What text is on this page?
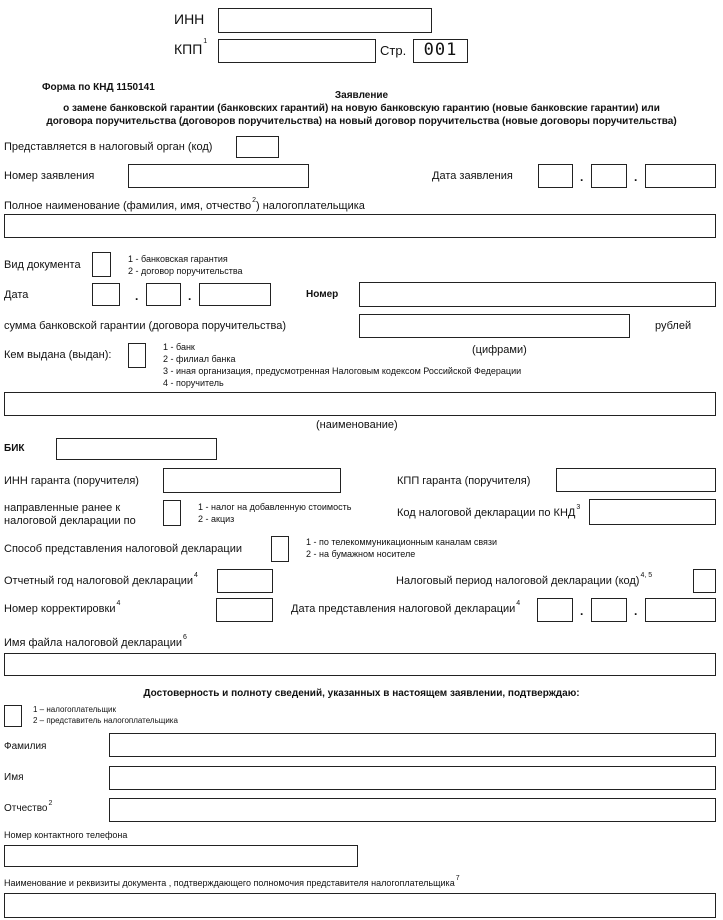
ИНН
КПП$^1$
Стр.	001
Форма по КНД 1150141
Заявление
о замене банковской гарантии (банковских гарантий) на новую банковскую гарантию (новые банковские гарантии) или
договора поручительства (договоров поручительства) на новый договор поручительства (новые договоры поручительства)
Представляется в налоговый орган (код)
Номер заявления	Дата заявления	.	.
Полное наименование (фамилия, имя, отчество$^2$) налогоплательщика
Вид документа	1 - банковская гарантия
2 - договор поручительства
Дата	.	.	Номер
сумма банковской гарантии (договора поручительства)	рублей
(цифрами)
Кем выдана (выдан):
1 - банк
2 - филиал банка
3 - иная организация, предусмотренная Налоговым кодексом Российской Федерации
4 - поручитель
(наименование)
БИК
ИНН гаранта (поручителя)	КПП гаранта (поручителя)
направленные ранее к
налоговой декларации по
1 - налог на добавленную стоимость
2 - акциз	Код налоговой декларации по КНД$^3$
Способ представления налоговой декларации
1 - по телекоммуникационным каналам связи
2 - на бумажном носителе
Отчетный год налоговой декларации$^4$	Налоговый период налоговой декларации (код)$^{4, 5}$
Номер корректировки$^4$	Дата представления налоговой декларации$^4$
.	.
Имя файла налоговой декларации$^6$
Достоверность и полноту сведений, указанных в настоящем заявлении, подтверждаю:
1 – налогоплательщик
2 – представитель налогоплательщика
Фамилия
Имя
Отчество$^2$
Номер контактного телефона
Наименование и реквизиты документа , подтверждающего полномочия представителя налогоплательщика$^7$
